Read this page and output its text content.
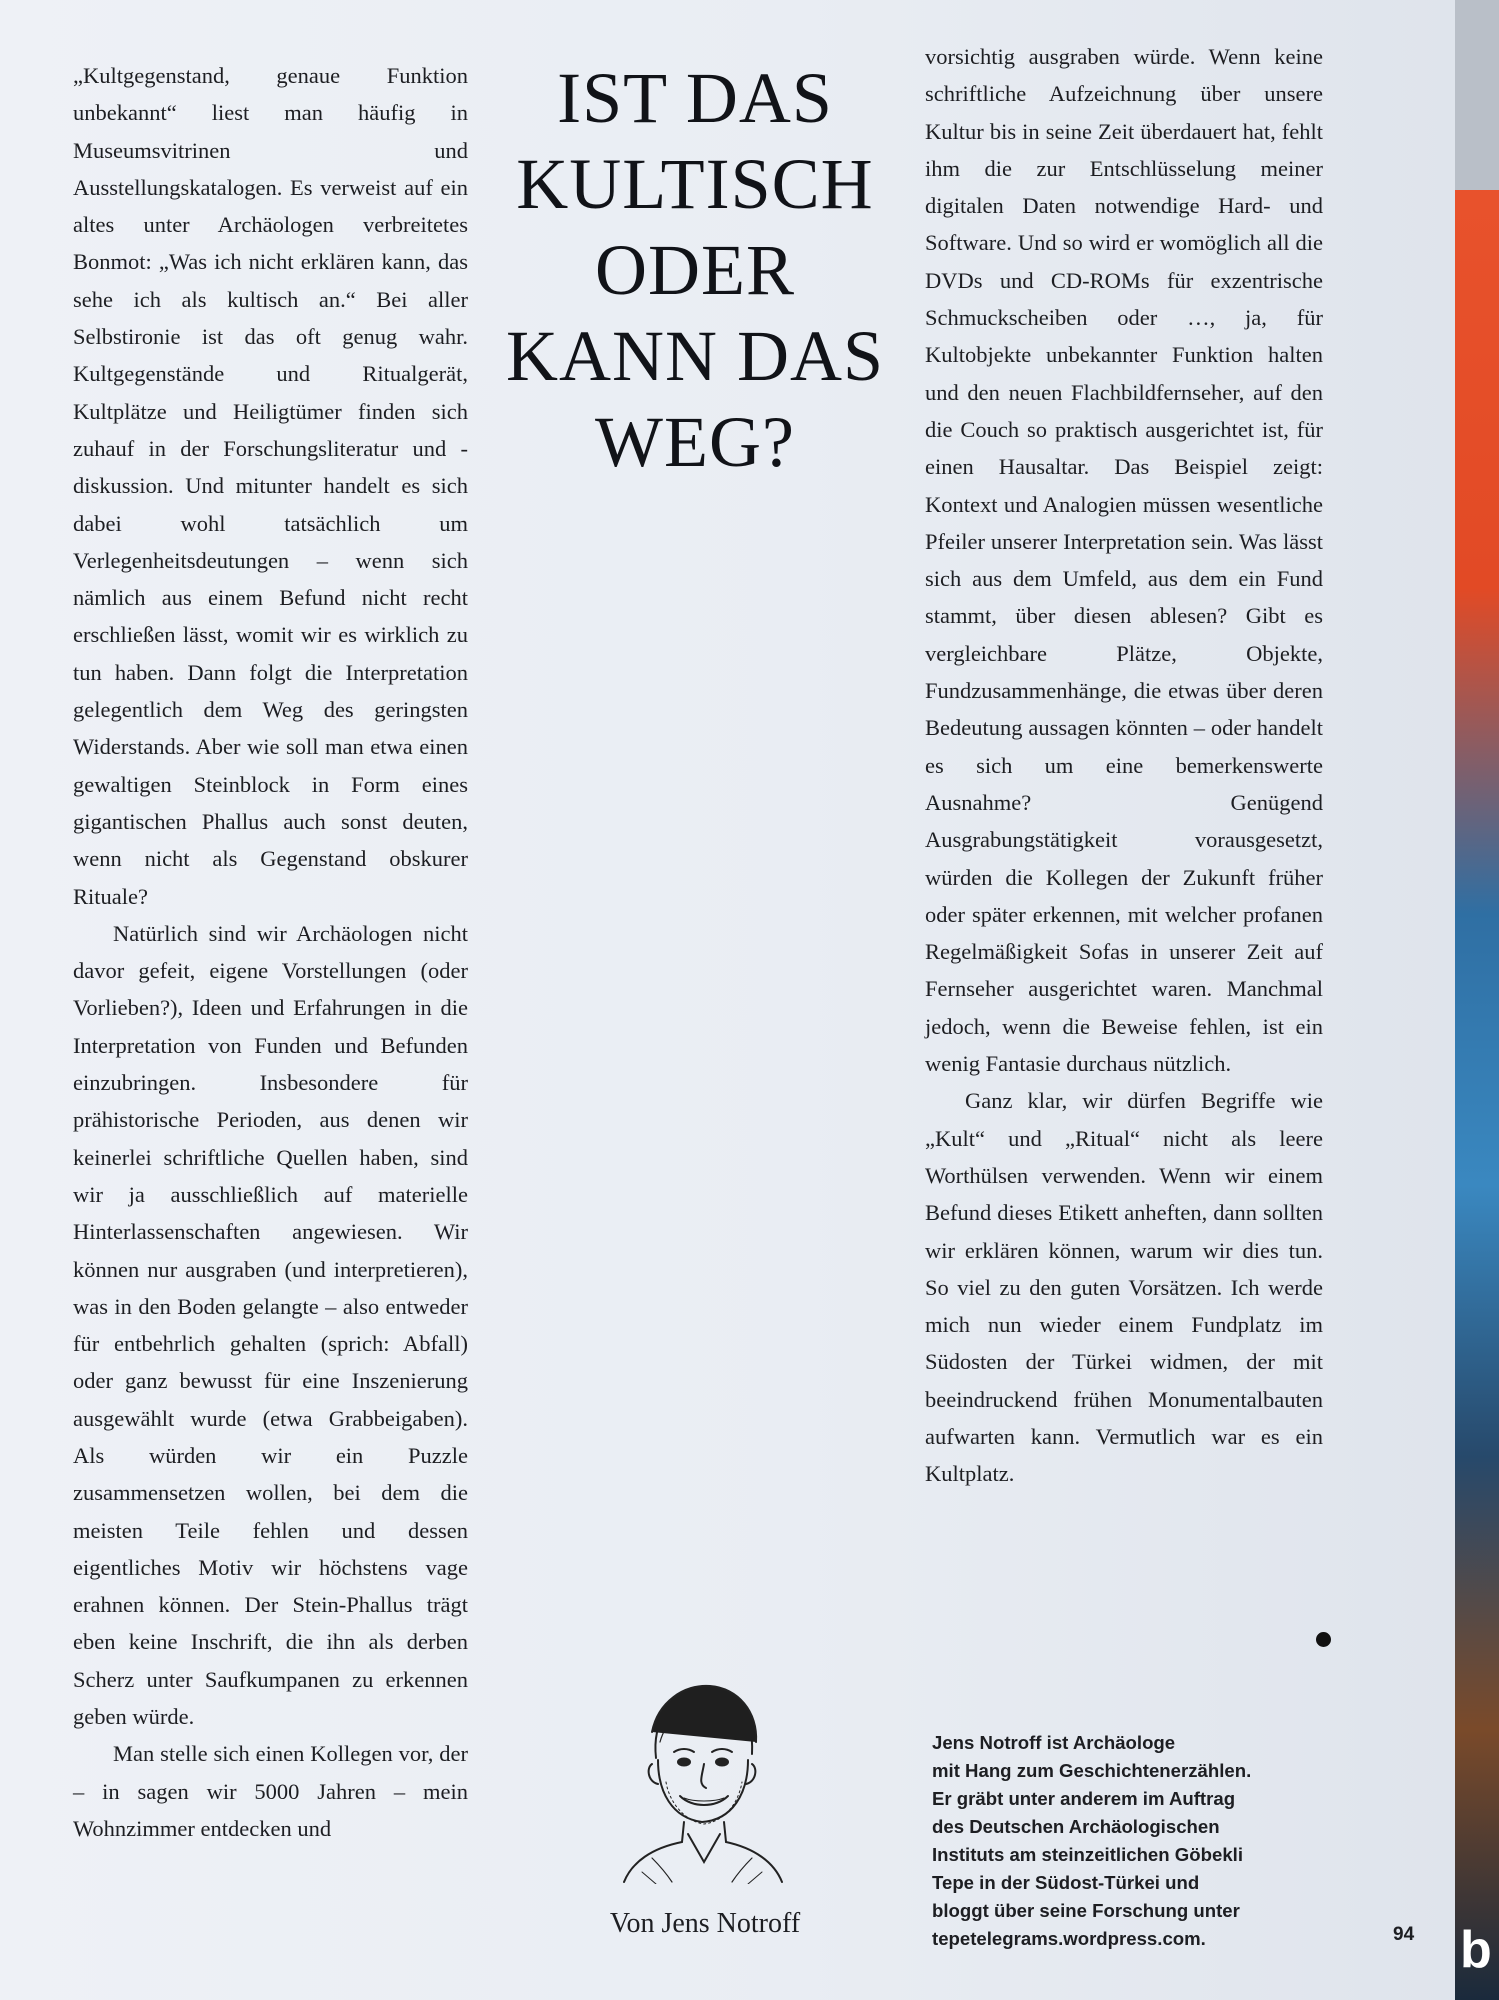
„Kultgegenstand, genaue Funktion unbekannt“ liest man häufig in Museumsvitrinen und Ausstellungskatalogen. Es verweist auf ein altes unter Archäologen verbreitetes Bonmot: „Was ich nicht erklären kann, das sehe ich als kultisch an.“ Bei aller Selbstironie ist das oft genug wahr. Kultgegenstände und Ritualgerät, Kultplätze und Heiligtümer finden sich zuhauf in der Forschungsliteratur und -diskussion. Und mitunter handelt es sich dabei wohl tatsächlich um Verlegenheitsdeutungen – wenn sich nämlich aus einem Befund nicht recht erschließen lässt, womit wir es wirklich zu tun haben. Dann folgt die Interpretation gelegentlich dem Weg des geringsten Widerstands. Aber wie soll man etwa einen gewaltigen Steinblock in Form eines gigantischen Phallus auch sonst deuten, wenn nicht als Gegenstand obskurer Rituale?

Natürlich sind wir Archäologen nicht davor gefeit, eigene Vorstellungen (oder Vorlieben?), Ideen und Erfahrungen in die Interpretation von Funden und Befunden einzubringen. Insbesondere für prähistorische Perioden, aus denen wir keinerlei schriftliche Quellen haben, sind wir ja ausschließlich auf materielle Hinterlassenschaften angewiesen. Wir können nur ausgraben (und interpretieren), was in den Boden gelangte – also entweder für entbehrlich gehalten (sprich: Abfall) oder ganz bewusst für eine Inszenierung ausgewählt wurde (etwa Grabbeigaben). Als würden wir ein Puzzle zusammensetzen wollen, bei dem die meisten Teile fehlen und dessen eigentliches Motiv wir höchstens vage erahnen können. Der Stein-Phallus trägt eben keine Inschrift, die ihn als derben Scherz unter Saufkumpanen zu erkennen geben würde.

Man stelle sich einen Kollegen vor, der – in sagen wir 5000 Jahren – mein Wohnzimmer entdecken und

IST DAS
KULTISCH
ODER
KANN DAS
WEG?

vorsichtig ausgraben würde. Wenn keine schriftliche Aufzeichnung über unsere Kultur bis in seine Zeit überdauert hat, fehlt ihm die zur Entschlüsselung meiner digitalen Daten notwendige Hard- und Software. Und so wird er womöglich all die DVDs und CD-ROMs für exzentrische Schmuckscheiben oder …, ja, für Kultobjekte unbekannter Funktion halten und den neuen Flachbildfernseher, auf den die Couch so praktisch ausgerichtet ist, für einen Hausaltar. Das Beispiel zeigt: Kontext und Analogien müssen wesentliche Pfeiler unserer Interpretation sein. Was lässt sich aus dem Umfeld, aus dem ein Fund stammt, über diesen ablesen? Gibt es vergleichbare Plätze, Objekte, Fundzusammenhänge, die etwas über deren Bedeutung aussagen könnten – oder handelt es sich um eine bemerkenswerte Ausnahme? Genügend Ausgrabungstätigkeit vorausgesetzt, würden die Kollegen der Zukunft früher oder später erkennen, mit welcher profanen Regelmäßigkeit Sofas in unserer Zeit auf Fernseher ausgerichtet waren. Manchmal jedoch, wenn die Beweise fehlen, ist ein wenig Fantasie durchaus nützlich.

Ganz klar, wir dürfen Begriffe wie „Kult“ und „Ritual“ nicht als leere Worthülsen verwenden. Wenn wir einem Befund dieses Etikett anheften, dann sollten wir erklären können, warum wir dies tun. So viel zu den guten Vorsätzen. Ich werde mich nun wieder einem Fundplatz im Südosten der Türkei widmen, der mit beeindruckend frühen Monumentalbauten aufwarten kann. Vermutlich war es ein Kultplatz.

Von Jens Notroff
Jens Notroff ist Archäologe
mit Hang zum Geschichtenerzählen.
Er gräbt unter anderem im Auftrag
des Deutschen Archäologischen
Instituts am steinzeitlichen Göbekli
Tepe in der Südost-Türkei und
bloggt über seine Forschung unter
tepetelegrams.wordpress.com.	94 b
